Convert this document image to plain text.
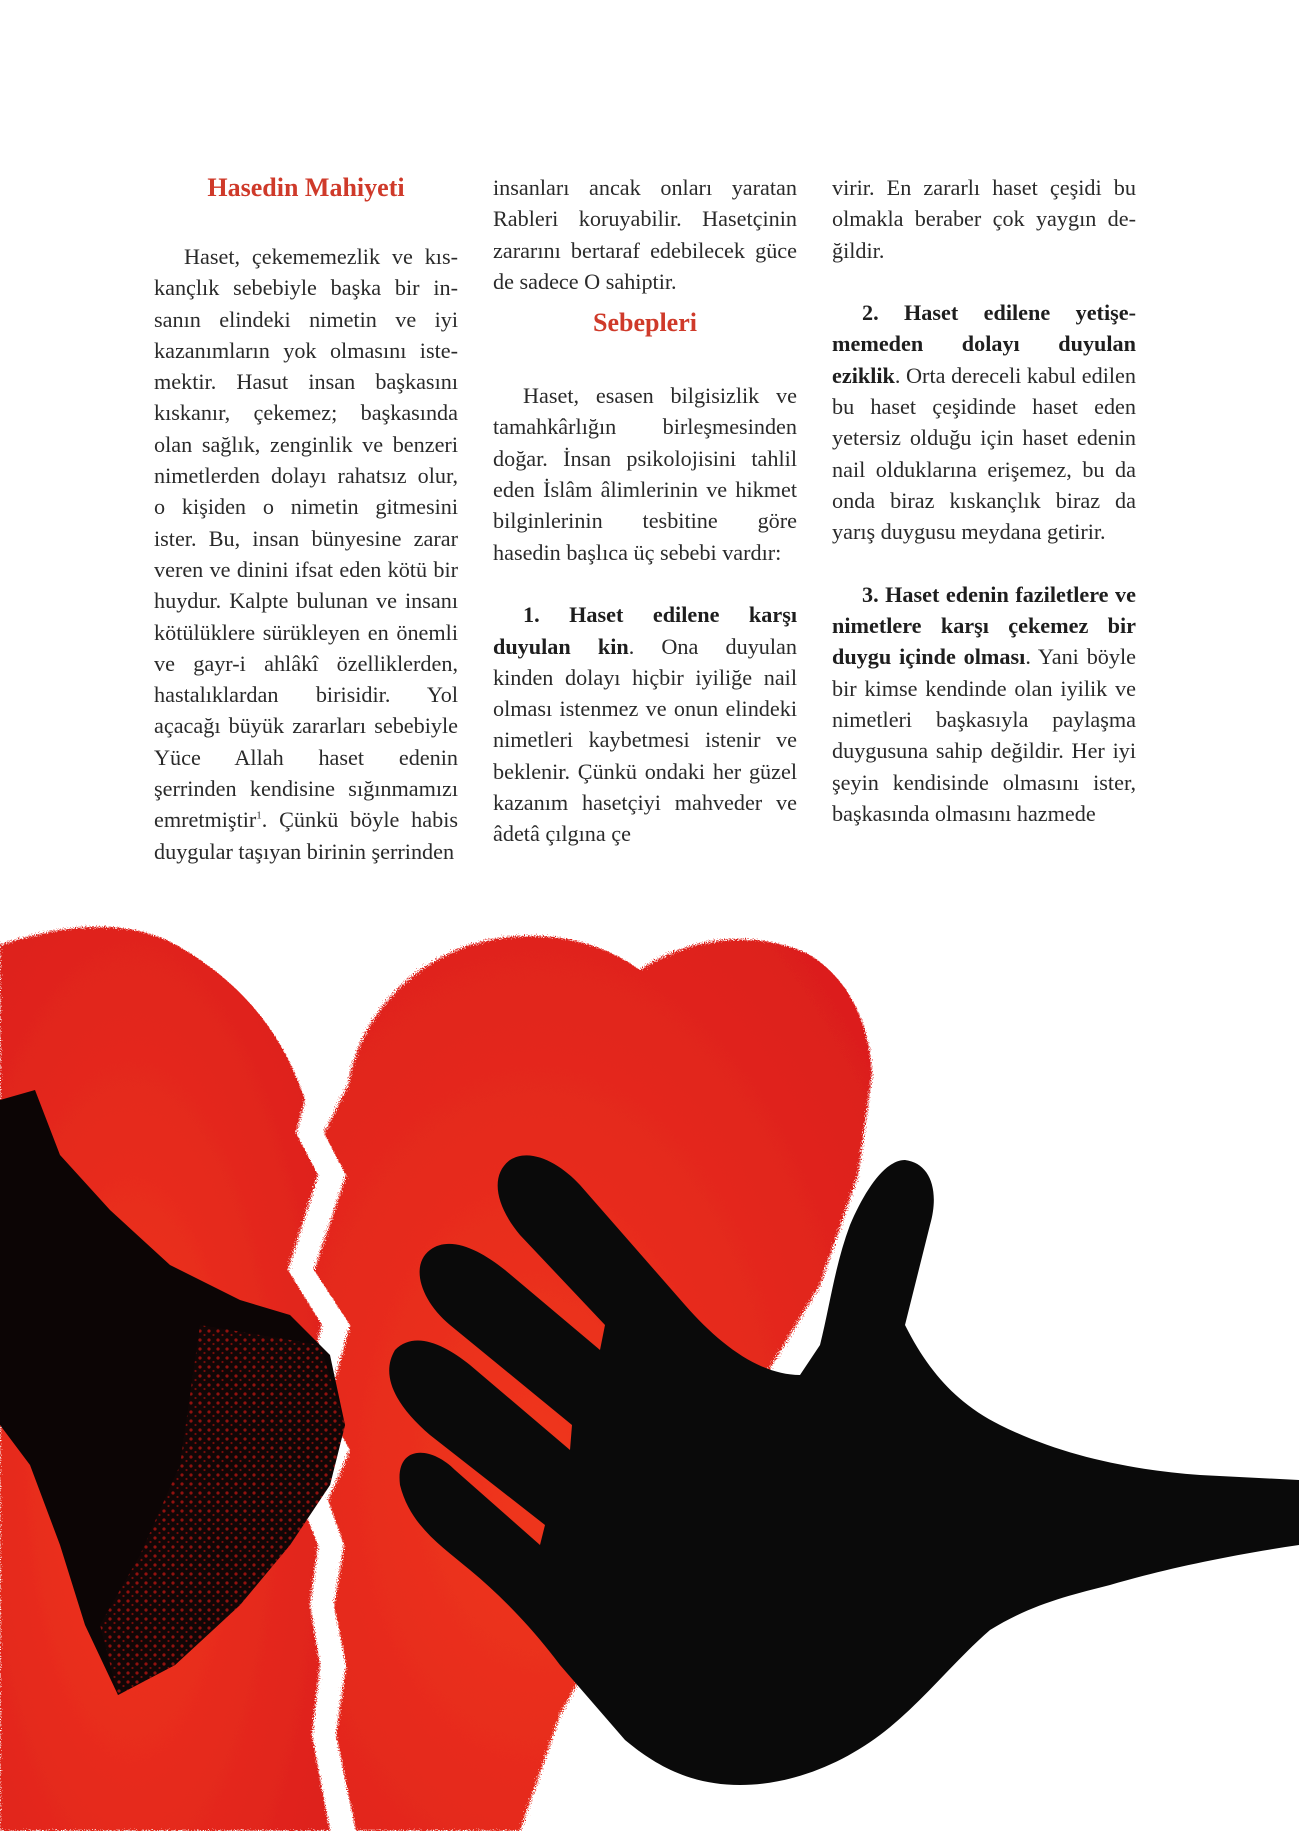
Hasedin Mahiyeti

Haset, çekememezlik ve kıskançlık sebebiyle başka bir insanın elindeki nimetin ve iyi kazanımların yok olmasını istemektir. Hasut insan başkasını kıskanır, çekemez; başkasında olan sağlık, zenginlik ve benzeri nimetlerden dolayı rahatsız olur, o kişiden o nimetin gitmesini ister. Bu, insan bünyesine zarar veren ve dinini ifsat eden kötü bir huydur. Kalpte bulunan ve insanı kötülüklere sürükleyen en önemli ve gayr-i ahlâkî özelliklerden, hastalıklardan birisidir. Yol açacağı büyük zararları sebebiyle Yüce Allah haset edenin şerrinden kendisine sığınmamızı emretmiştir$^1$. Çünkü böyle habis duygular taşıyan birinin şerrinden

insanları ancak onları yaratan Rableri koruyabilir. Hasetçinin zararını bertaraf edebilecek güce de sadece O sahiptir.

Sebepleri

Haset, esasen bilgisizlik ve tamahkârlığın birleşmesinden doğar. İnsan psikolojisini tahlil eden İslâm âlimlerinin ve hikmet bilginlerinin tesbitine göre hasedin başlıca üç sebebi vardır:

1. Haset edilene karşı duyulan kin. Ona duyulan kinden dolayı hiçbir iyiliğe nail olması istenmez ve onun elindeki nimetleri kaybetmesi istenir ve beklenir. Çünkü ondaki her güzel kazanım hasetçiyi mahveder ve âdetâ çılgına çe

virir. En zararlı haset çeşidi bu olmakla beraber çok yaygın değildir.

2. Haset edilene yetişememeden dolayı duyulan eziklik. Orta dereceli kabul edilen bu haset çeşidinde haset eden yetersiz olduğu için haset edenin nail olduklarına erişemez, bu da onda biraz kıskançlık biraz da yarış duygusu meydana getirir.

3. Haset edenin faziletlere ve nimetlere karşı çekemez bir duygu içinde olması. Yani böyle bir kimse kendinde olan iyilik ve nimetleri başkasıyla paylaşma duygusuna sahip değildir. Her iyi şeyin kendisinde olmasını ister, başkasında olmasını hazmede
